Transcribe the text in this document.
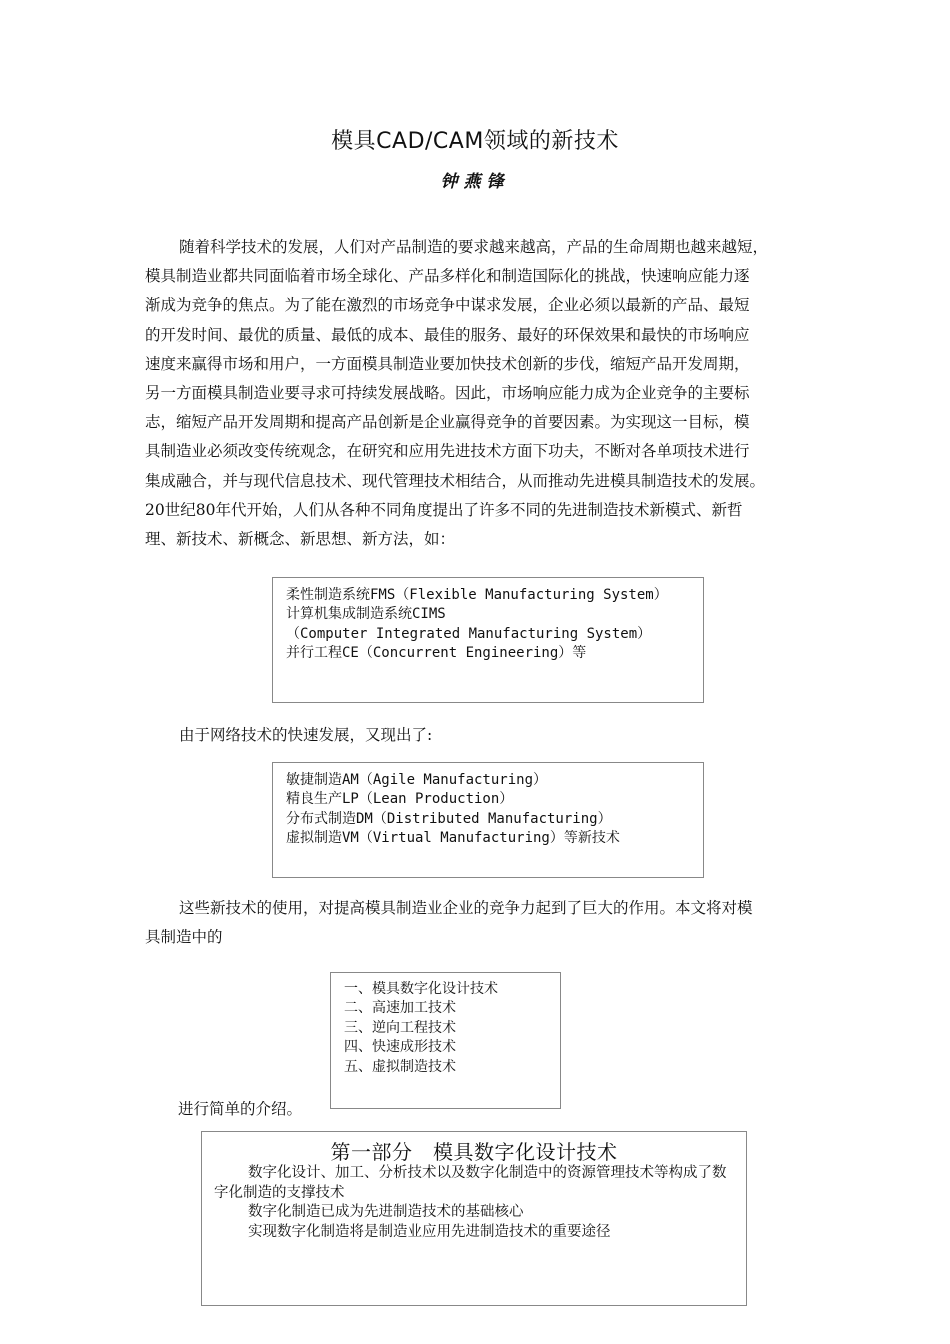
模具CAD/CAM领域的新技术
钟燕锋
随着科学技术的发展，人们对产品制造的要求越来越高，产品的生命周期也越来越短，
模具制造业都共同面临着市场全球化、产品多样化和制造国际化的挑战，快速响应能力逐
渐成为竞争的焦点。为了能在激烈的市场竞争中谋求发展，企业必须以最新的产品、最短
的开发时间、最优的质量、最低的成本、最佳的服务、最好的环保效果和最快的市场响应
速度来赢得市场和用户，一方面模具制造业要加快技术创新的步伐，缩短产品开发周期，
另一方面模具制造业要寻求可持续发展战略。因此，市场响应能力成为企业竞争的主要标
志，缩短产品开发周期和提高产品创新是企业赢得竞争的首要因素。为实现这一目标，模
具制造业必须改变传统观念，在研究和应用先进技术方面下功夫，不断对各单项技术进行
集成融合，并与现代信息技术、现代管理技术相结合，从而推动先进模具制造技术的发展。
20世纪80年代开始，人们从各种不同角度提出了许多不同的先进制造技术新模式、新哲
理、新技术、新概念、新思想、新方法，如：
柔性制造系统FMS（Flexible Manufacturing System）
计算机集成制造系统CIMS
（Computer Integrated Manufacturing System）
并行工程CE（Concurrent Engineering）等
由于网络技术的快速发展，又现出了:
敏捷制造AM（Agile Manufacturing）
精良生产LP（Lean Production）
分布式制造DM（Distributed Manufacturing）
虚拟制造VM（Virtual Manufacturing）等新技术
这些新技术的使用，对提高模具制造业企业的竞争力起到了巨大的作用。本文将对模
具制造中的
一、模具数字化设计技术
二、高速加工技术
三、逆向工程技术
四、快速成形技术
五、虚拟制造技术
进行简单的介绍。
第一部分　模具数字化设计技术
数字化设计、加工、分析技术以及数字化制造中的资源管理技术等构成了数字化制造的支撑技术
数字化制造已成为先进制造技术的基础核心
实现数字化制造将是制造业应用先进制造技术的重要途径
